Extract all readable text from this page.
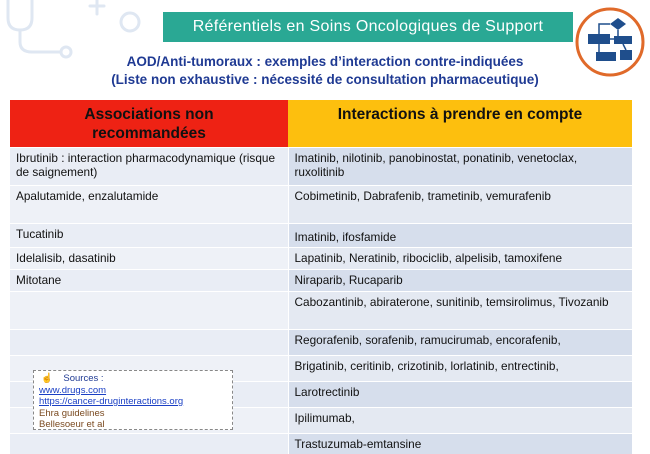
Référentiels en Soins Oncologiques de Support
AOD/Anti-tumoraux : exemples d’interaction contre-indiquées
(Liste non exhaustive : nécessité de consultation pharmaceutique)
Associations non
recommandées	Interactions à prendre en compte
Ibrutinib : interaction pharmacodynamique (risque de saignement)	Imatinib, nilotinib, panobinostat, ponatinib, venetoclax, ruxolitinib
Apalutamide, enzalutamide	Cobimetinib, Dabrafenib, trametinib, vemurafenib
Tucatinib	Imatinib, ifosfamide
Idelalisib, dasatinib	Lapatinib, Neratinib, ribociclib, alpelisib, tamoxifene
Mitotane	Niraparib, Rucaparib
	Cabozantinib, abiraterone, sunitinib, temsirolimus, Tivozanib
	Regorafenib, sorafenib, ramucirumab, encorafenib,
	Brigatinib, ceritinib, crizotinib, lorlatinib, entrectinib,
	Larotrectinib
	Ipilimumab,
	Trastuzumab-emtansine
☝    Sources :
www.drugs.com
https://cancer-druginteractions.org
Ehra guidelines
Bellesoeur et al
